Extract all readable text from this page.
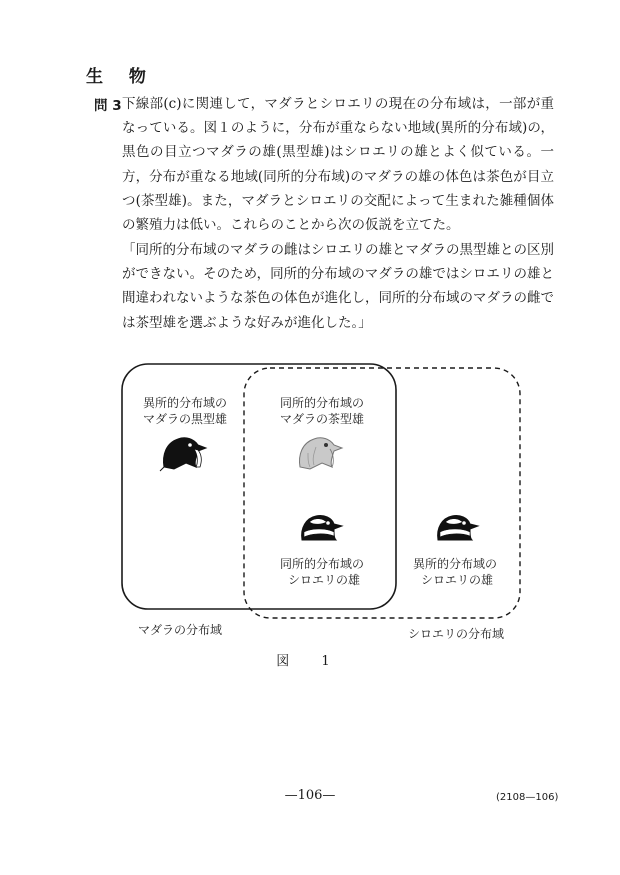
生 物
問 3 下線部(c)に関連して，マダラとシロエリの現在の分布域は，一部が重なっている。図１のように，分布が重ならない地域(異所的分布域)の，黒色の目立つマダラの雄(黒型雄)はシロエリの雄とよく似ている。一方，分布が重なる地域(同所的分布域)のマダラの雄の体色は茶色が目立つ(茶型雄)。また，マダラとシロエリの交配によって生まれた雑種個体の繁殖力は低い。これらのことから次の仮説を立てた。

「同所的分布域のマダラの雌はシロエリの雄とマダラの黒型雄との区別ができない。そのため，同所的分布域のマダラの雄ではシロエリの雄と間違われないような茶色の体色が進化し，同所的分布域のマダラの雌では茶型雄を選ぶような好みが進化した。」

異所的分布域の
マダラの黒型雄
同所的分布域の
マダラの茶型雄
同所的分布域の
シロエリの雄
異所的分布域の
シロエリの雄
マダラの分布域	シロエリの分布域
図 1
—106—	(2108—106)
